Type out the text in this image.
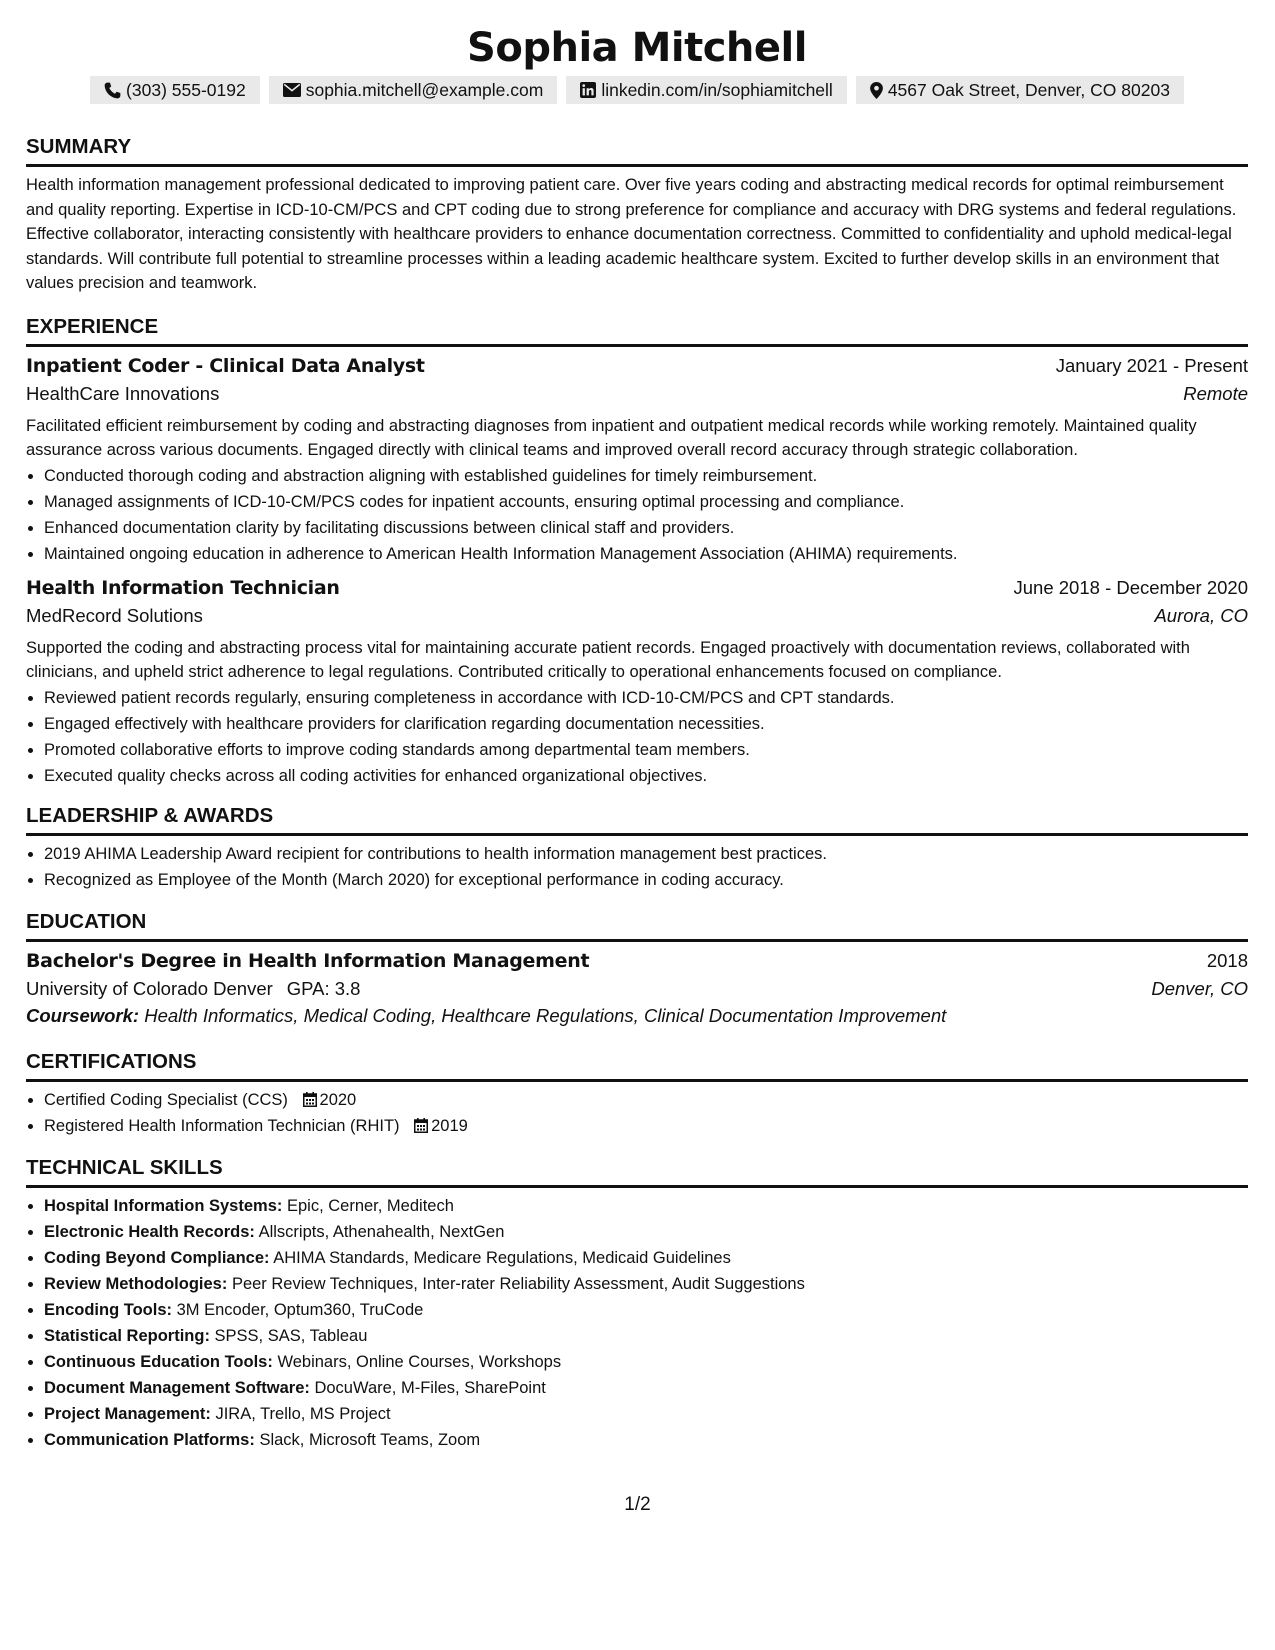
Sophia Mitchell
(303) 555-0192	sophia.mitchell@example.com	linkedin.com/in/sophiamitchell	4567 Oak Street, Denver, CO 80203
SUMMARY

Health information management professional dedicated to improving patient care. Over five years coding and abstracting medical records for optimal reimbursement and quality reporting. Expertise in ICD-10-CM/PCS and CPT coding due to strong preference for compliance and accuracy with DRG systems and federal regulations. Effective collaborator, interacting consistently with healthcare providers to enhance documentation correctness. Committed to confidentiality and uphold medical-legal standards. Will contribute full potential to streamline processes within a leading academic healthcare system. Excited to further develop skills in an environment that values precision and teamwork.

EXPERIENCE
Inpatient Coder - Clinical Data Analyst	January 2021 - Present
HealthCare Innovations	Remote

Facilitated efficient reimbursement by coding and abstracting diagnoses from inpatient and outpatient medical records while working remotely. Maintained quality assurance across various documents. Engaged directly with clinical teams and improved overall record accuracy through strategic collaboration.

• Conducted thorough coding and abstraction aligning with established guidelines for timely reimbursement.
• Managed assignments of ICD-10-CM/PCS codes for inpatient accounts, ensuring optimal processing and compliance.
• Enhanced documentation clarity by facilitating discussions between clinical staff and providers.
• Maintained ongoing education in adherence to American Health Information Management Association (AHIMA) requirements.
Health Information Technician	June 2018 - December 2020
MedRecord Solutions	Aurora, CO

Supported the coding and abstracting process vital for maintaining accurate patient records. Engaged proactively with documentation reviews, collaborated with clinicians, and upheld strict adherence to legal regulations. Contributed critically to operational enhancements focused on compliance.

• Reviewed patient records regularly, ensuring completeness in accordance with ICD-10-CM/PCS and CPT standards.
• Engaged effectively with healthcare providers for clarification regarding documentation necessities.
• Promoted collaborative efforts to improve coding standards among departmental team members.
• Executed quality checks across all coding activities for enhanced organizational objectives.
LEADERSHIP & AWARDS
• 2019 AHIMA Leadership Award recipient for contributions to health information management best practices.
• Recognized as Employee of the Month (March 2020) for exceptional performance in coding accuracy.
EDUCATION
Bachelor's Degree in Health Information Management	2018
University of Colorado Denver GPA: 3.8	Denver, CO
Coursework: Health Informatics, Medical Coding, Healthcare Regulations, Clinical Documentation Improvement
CERTIFICATIONS
• Certified Coding Specialist (CCS) 2020
• Registered Health Information Technician (RHIT) 2019
TECHNICAL SKILLS
• Hospital Information Systems: Epic, Cerner, Meditech
• Electronic Health Records: Allscripts, Athenahealth, NextGen
• Coding Beyond Compliance: AHIMA Standards, Medicare Regulations, Medicaid Guidelines
• Review Methodologies: Peer Review Techniques, Inter-rater Reliability Assessment, Audit Suggestions
• Encoding Tools: 3M Encoder, Optum360, TruCode
• Statistical Reporting: SPSS, SAS, Tableau
• Continuous Education Tools: Webinars, Online Courses, Workshops
• Document Management Software: DocuWare, M-Files, SharePoint
• Project Management: JIRA, Trello, MS Project
• Communication Platforms: Slack, Microsoft Teams, Zoom
1/2
